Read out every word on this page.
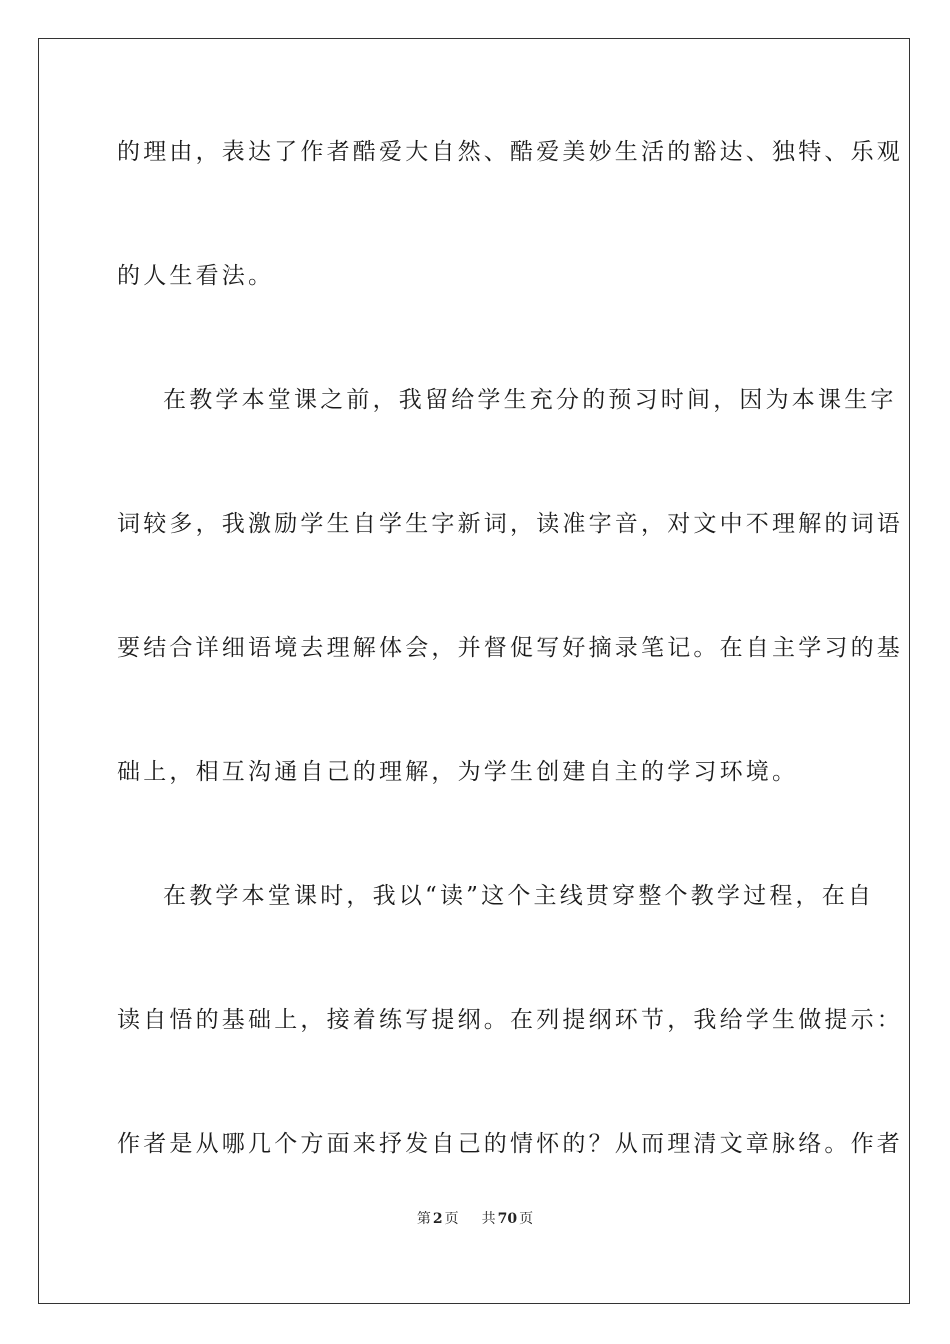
的理由，表达了作者酷爱大自然、酷爱美妙生活的豁达、独特、乐观
的人生看法。
在教学本堂课之前，我留给学生充分的预习时间，因为本课生字
词较多，我激励学生自学生字新词，读准字音，对文中不理解的词语
要结合详细语境去理解体会，并督促写好摘录笔记。在自主学习的基
础上，相互沟通自己的理解，为学生创建自主的学习环境。
在教学本堂课时，我以“读”这个主线贯穿整个教学过程，在自
读自悟的基础上，接着练写提纲。在列提纲环节，我给学生做提示：
作者是从哪几个方面来抒发自己的情怀的？从而理清文章脉络。作者
第 2 页 共 70 页
